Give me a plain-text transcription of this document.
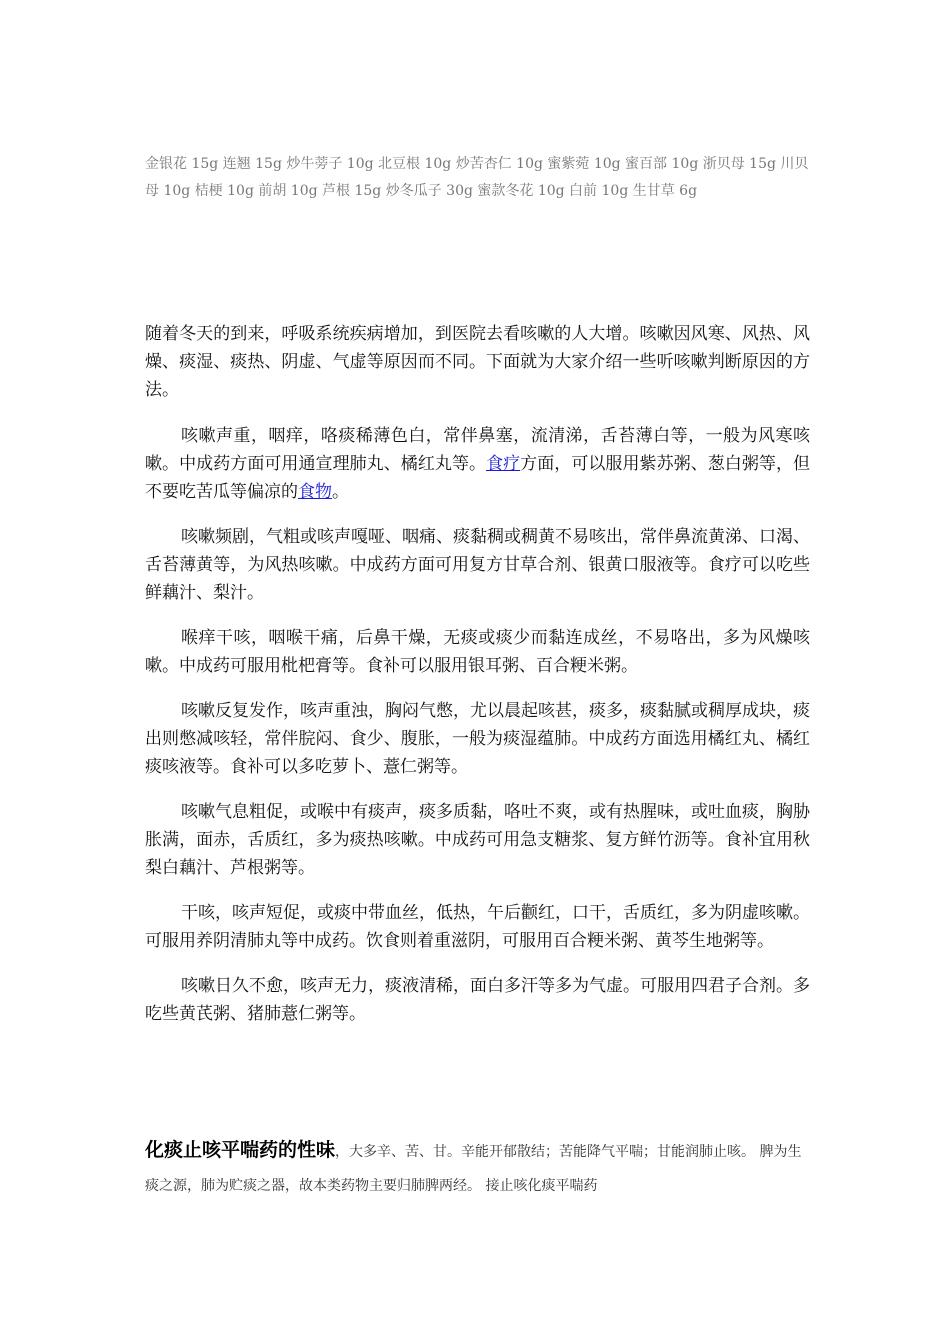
金银花 15g 连翘 15g 炒牛蒡子 10g 北豆根 10g 炒苦杏仁 10g 蜜紫菀 10g 蜜百部 10g 浙贝母 15g 川贝母 10g 桔梗 10g 前胡 10g 芦根 15g 炒冬瓜子 30g 蜜款冬花 10g 白前 10g 生甘草 6g

随着冬天的到来，呼吸系统疾病增加，到医院去看咳嗽的人大增。咳嗽因风寒、风热、风燥、痰湿、痰热、阴虚、气虚等原因而不同。下面就为大家介绍一些听咳嗽判断原因的方法。

咳嗽声重，咽痒，咯痰稀薄色白，常伴鼻塞，流清涕，舌苔薄白等，一般为风寒咳嗽。中成药方面可用通宣理肺丸、橘红丸等。食疗方面，可以服用紫苏粥、葱白粥等，但不要吃苦瓜等偏凉的食物。

咳嗽频剧，气粗或咳声嘎哑、咽痛、痰黏稠或稠黄不易咳出，常伴鼻流黄涕、口渴、舌苔薄黄等，为风热咳嗽。中成药方面可用复方甘草合剂、银黄口服液等。食疗可以吃些鲜藕汁、梨汁。

喉痒干咳，咽喉干痛，后鼻干燥，无痰或痰少而黏连成丝，不易咯出，多为风燥咳嗽。中成药可服用枇杷膏等。食补可以服用银耳粥、百合粳米粥。

咳嗽反复发作，咳声重浊，胸闷气憋，尤以晨起咳甚，痰多，痰黏腻或稠厚成块，痰出则憋减咳轻，常伴脘闷、食少、腹胀，一般为痰湿蕴肺。中成药方面选用橘红丸、橘红痰咳液等。食补可以多吃萝卜、薏仁粥等。

咳嗽气息粗促，或喉中有痰声，痰多质黏，咯吐不爽，或有热腥味，或吐血痰，胸胁胀满，面赤，舌质红，多为痰热咳嗽。中成药可用急支糖浆、复方鲜竹沥等。食补宜用秋梨白藕汁、芦根粥等。

干咳，咳声短促，或痰中带血丝，低热，午后颧红，口干，舌质红，多为阴虚咳嗽。可服用养阴清肺丸等中成药。饮食则着重滋阴，可服用百合粳米粥、黄芩生地粥等。

咳嗽日久不愈，咳声无力，痰液清稀，面白多汗等多为气虚。可服用四君子合剂。多吃些黄芪粥、猪肺薏仁粥等。

化痰止咳平喘药的性味，大多辛、苦、甘。辛能开郁散结；苦能降气平喘；甘能润肺止咳。 脾为生痰之源，肺为贮痰之器，故本类药物主要归肺脾两经。 接止咳化痰平喘药
